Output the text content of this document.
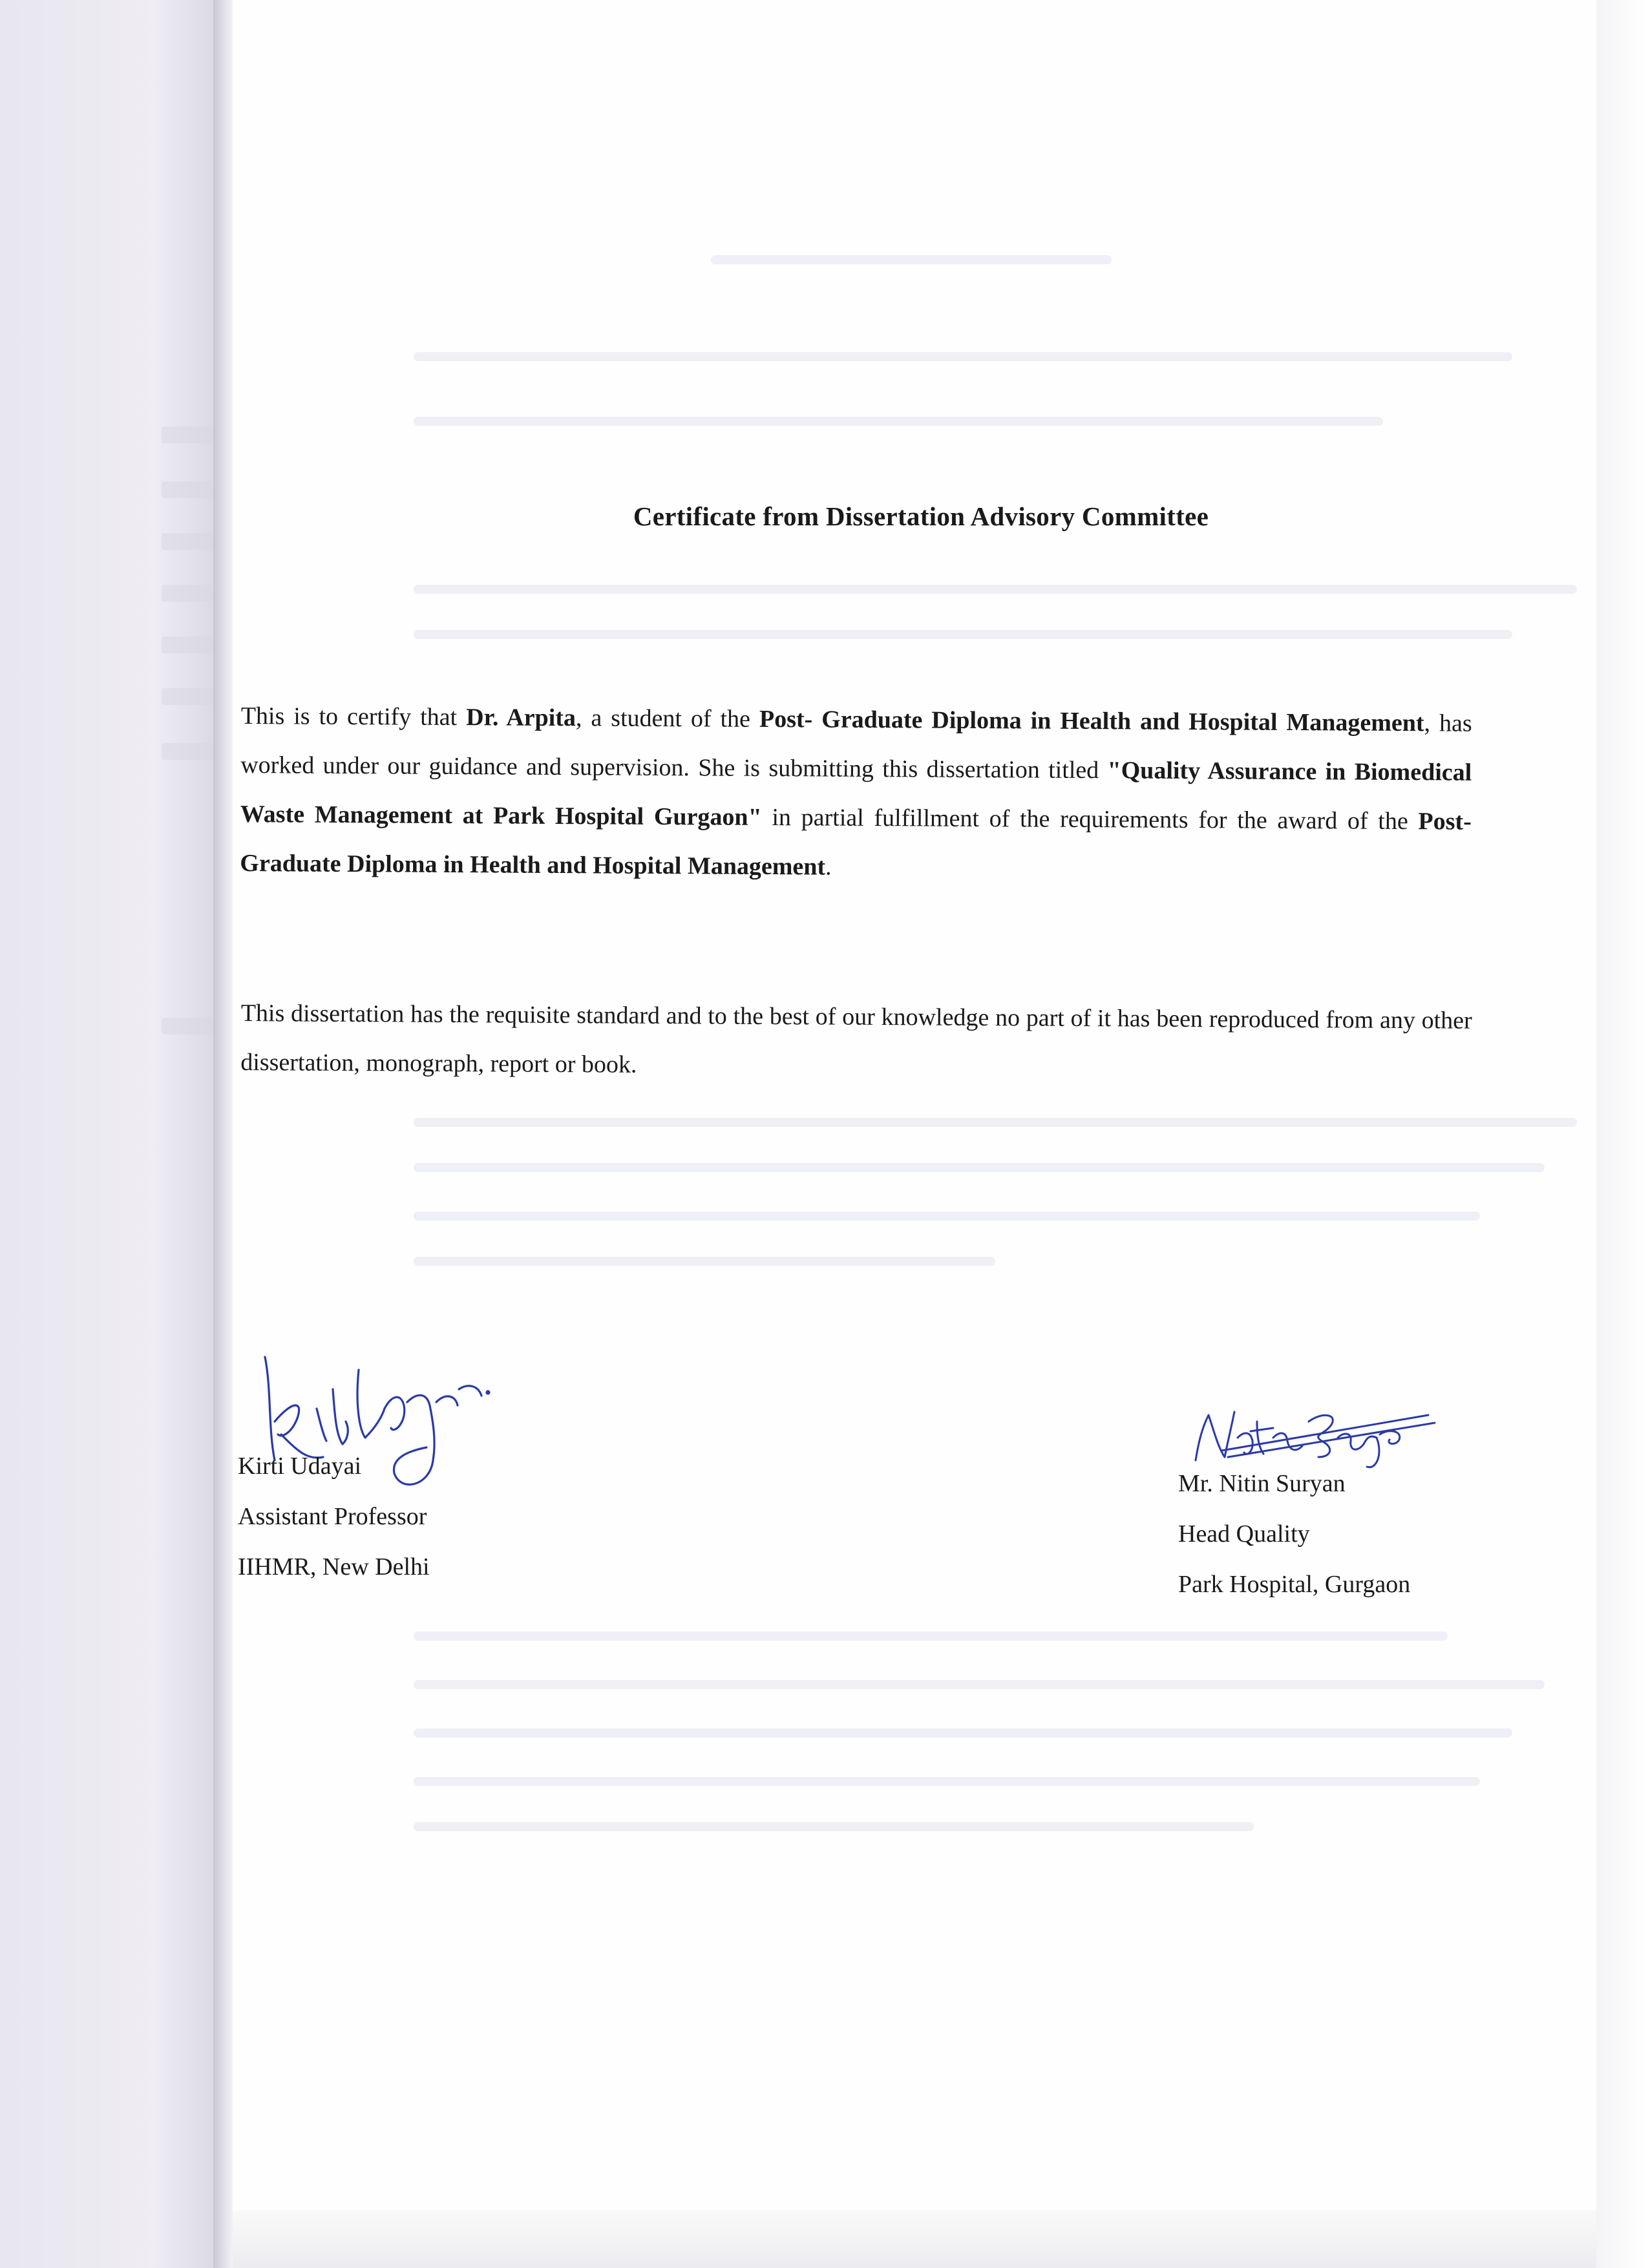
Certificate from Dissertation Advisory Committee
This is to certify that Dr. Arpita, a student of the Post- Graduate Diploma in Health and Hospital Management, has worked under our guidance and supervision. She is submitting this dissertation titled "Quality Assurance in Biomedical Waste Management at Park Hospital Gurgaon" in partial fulfillment of the requirements for the award of the Post- Graduate Diploma in Health and Hospital Management.
This dissertation has the requisite standard and to the best of our knowledge no part of it has been reproduced from any other dissertation, monograph, report or book.
Kirti Udayai
Assistant Professor
IIHMR, New Delhi
Mr. Nitin Suryan
Head Quality
Park Hospital, Gurgaon
